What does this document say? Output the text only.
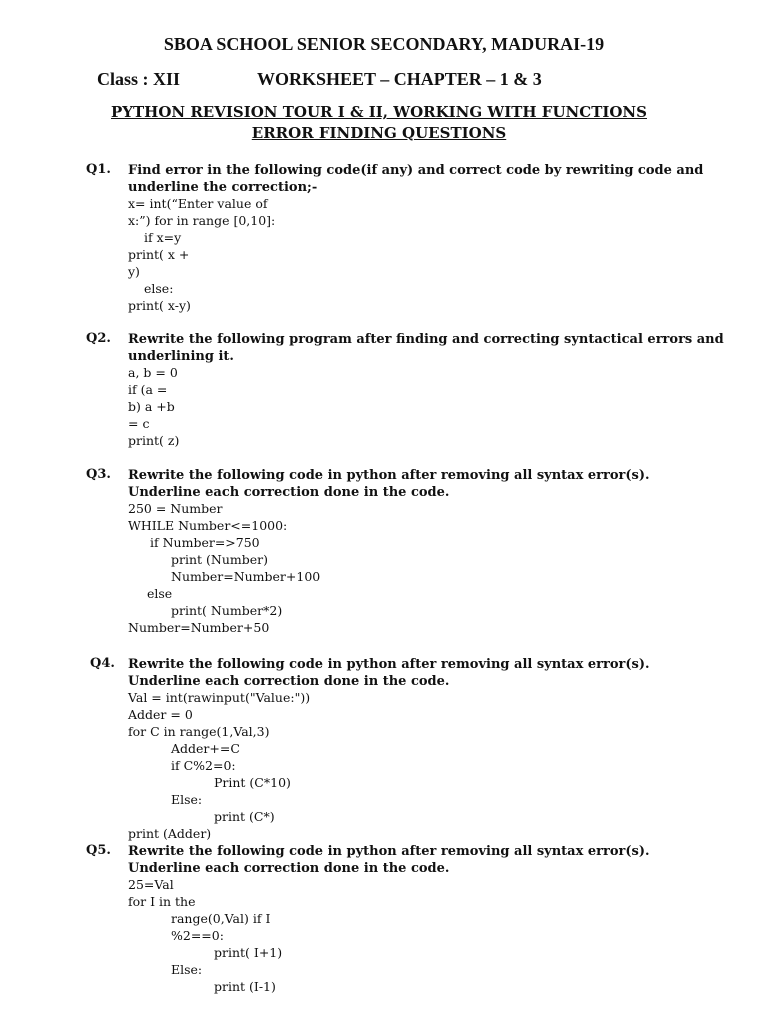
SBOA SCHOOL SENIOR SECONDARY, MADURAI-19
Class : XII	WORKSHEET – CHAPTER – 1 & 3
PYTHON REVISION TOUR I & II, WORKING WITH FUNCTIONS
ERROR FINDING QUESTIONS
Q1. Find error in the following code(if any) and correct code by rewriting code and
underline the correction;-
x= int(“Enter value of
x:”) for in range [0,10]:
if x=y
print( x +
y)
else:
print( x-y)
Q2. Rewrite the following program after finding and correcting syntactical errors and
underlining it.
a, b = 0
if (a =
b) a +b
= c
print( z)
Q3. Rewrite the following code in python after removing all syntax error(s).
Underline each correction done in the code.
250 = Number
WHILE Number<=1000:
if Number=>750
print (Number)
Number=Number+100
else
print( Number*2)
Number=Number+50
Q4. Rewrite the following code in python after removing all syntax error(s).
Underline each correction done in the code.
Val = int(rawinput("Value:"))
Adder = 0
for C in range(1,Val,3)
Adder+=C
if C%2=0:
Print (C*10)
Else:
print (C*)
print (Adder)
Q5. Rewrite the following code in python after removing all syntax error(s).
Underline each correction done in the code.
25=Val
for I in the
range(0,Val) if I
%2==0:
print( I+1)
Else:
print (I-1)
